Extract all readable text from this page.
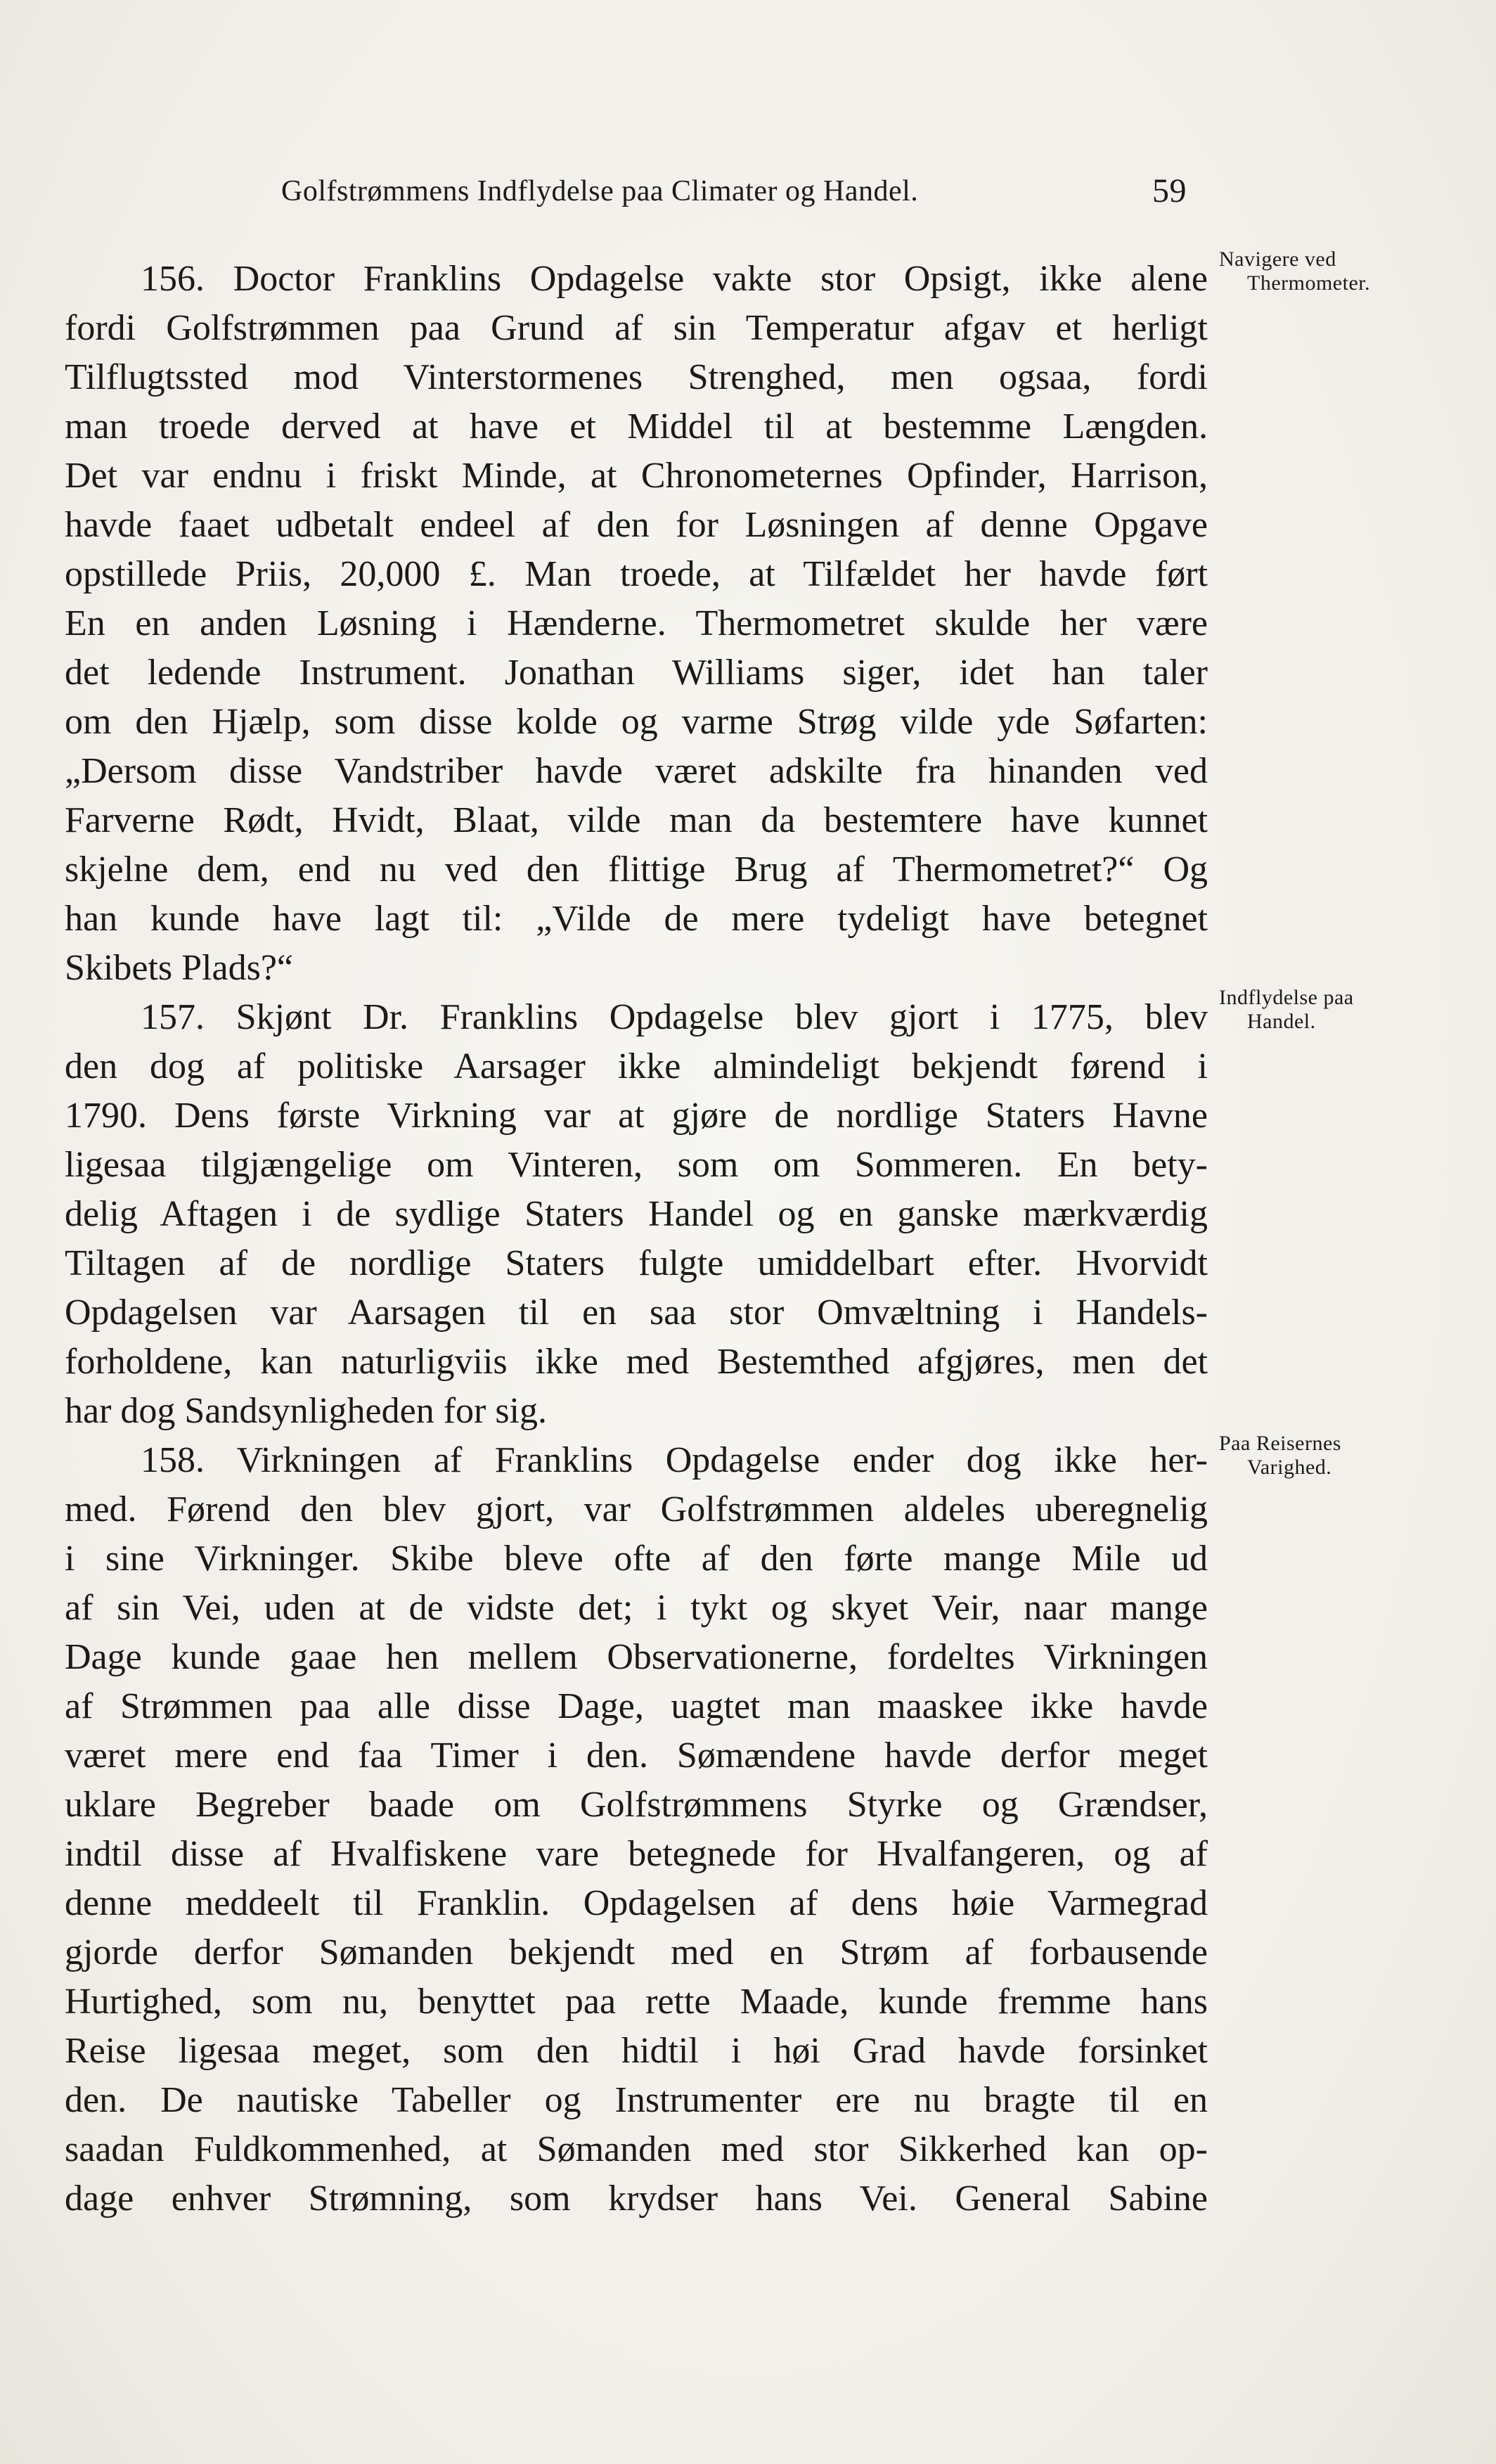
Golfstrømmens Indflydelse paa Climater og Handel.	59
Navigere ved
Thermometer.
Indflydelse paa
Handel.
Paa Reisernes
Varighed.
156. Doctor Franklins Opdagelse vakte stor Opsigt, ikke alene
fordi Golfstrømmen paa Grund af sin Temperatur afgav et herligt
Tilflugtssted mod Vinterstormenes Strenghed, men ogsaa, fordi
man troede derved at have et Middel til at bestemme Længden.
Det var endnu i friskt Minde, at Chronometernes Opfinder, Harrison,
havde faaet udbetalt endeel af den for Løsningen af denne Opgave
opstillede Priis, 20,000 £. Man troede, at Tilfældet her havde ført
En en anden Løsning i Hænderne. Thermometret skulde her være
det ledende Instrument. Jonathan Williams siger, idet han taler
om den Hjælp, som disse kolde og varme Strøg vilde yde Søfarten:
„Dersom disse Vandstriber havde været adskilte fra hinanden ved
Farverne Rødt, Hvidt, Blaat, vilde man da bestemtere have kunnet
skjelne dem, end nu ved den flittige Brug af Thermometret?“ Og
han kunde have lagt til: „Vilde de mere tydeligt have betegnet
Skibets Plads?“
157. Skjønt Dr. Franklins Opdagelse blev gjort i 1775, blev
den dog af politiske Aarsager ikke almindeligt bekjendt førend i
1790. Dens første Virkning var at gjøre de nordlige Staters Havne
ligesaa tilgjængelige om Vinteren, som om Sommeren. En bety-
delig Aftagen i de sydlige Staters Handel og en ganske mærkværdig
Tiltagen af de nordlige Staters fulgte umiddelbart efter. Hvorvidt
Opdagelsen var Aarsagen til en saa stor Omvæltning i Handels-
forholdene, kan naturligviis ikke med Bestemthed afgjøres, men det
har dog Sandsynligheden for sig.
158. Virkningen af Franklins Opdagelse ender dog ikke her-
med. Førend den blev gjort, var Golfstrømmen aldeles uberegnelig
i sine Virkninger. Skibe bleve ofte af den førte mange Mile ud
af sin Vei, uden at de vidste det; i tykt og skyet Veir, naar mange
Dage kunde gaae hen mellem Observationerne, fordeltes Virkningen
af Strømmen paa alle disse Dage, uagtet man maaskee ikke havde
været mere end faa Timer i den. Sømændene havde derfor meget
uklare Begreber baade om Golfstrømmens Styrke og Grændser,
indtil disse af Hvalfiskene vare betegnede for Hvalfangeren, og af
denne meddeelt til Franklin. Opdagelsen af dens høie Varmegrad
gjorde derfor Sømanden bekjendt med en Strøm af forbausende
Hurtighed, som nu, benyttet paa rette Maade, kunde fremme hans
Reise ligesaa meget, som den hidtil i høi Grad havde forsinket
den. De nautiske Tabeller og Instrumenter ere nu bragte til en
saadan Fuldkommenhed, at Sømanden med stor Sikkerhed kan op-
dage enhver Strømning, som krydser hans Vei. General Sabine
